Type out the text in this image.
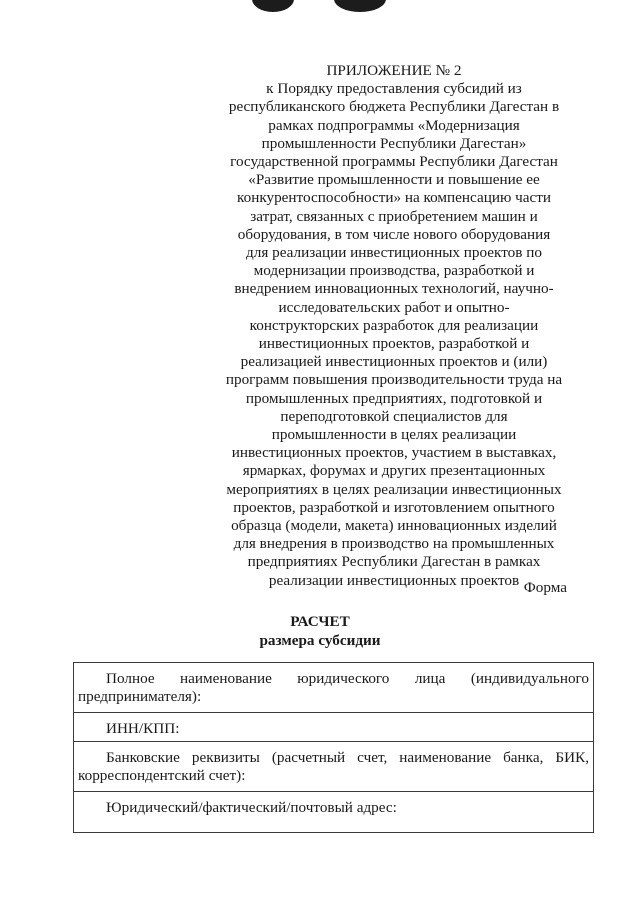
ПРИЛОЖЕНИЕ № 2
к Порядку предоставления субсидий из
республиканского бюджета Республики Дагестан в
рамках подпрограммы «Модернизация
промышленности Республики Дагестан»
государственной программы Республики Дагестан
«Развитие промышленности и повышение ее
конкурентоспособности» на компенсацию части
затрат, связанных с приобретением машин и
оборудования, в том числе нового оборудования
для реализации инвестиционных проектов по
модернизации производства, разработкой и
внедрением инновационных технологий, научно-
исследовательских работ и опытно-
конструкторских разработок для реализации
инвестиционных проектов, разработкой и
реализацией инвестиционных проектов и (или)
программ повышения производительности труда на
промышленных предприятиях, подготовкой и
переподготовкой специалистов для
промышленности в целях реализации
инвестиционных проектов, участием в выставках,
ярмарках, форумах и других презентационных
мероприятиях в целях реализации инвестиционных
проектов, разработкой и изготовлением опытного
образца (модели, макета) инновационных изделий
для внедрения в производство на промышленных
предприятиях Республики Дагестан в рамках
реализации инвестиционных проектов Форма
РАСЧЕТ
размера субсидии
Полное наименование юридического лица (индивидуального предпринимателя):
ИНН/КПП:
Банковские реквизиты (расчетный счет, наименование банка, БИК, корреспондентский счет):
Юридический/фактический/почтовый адрес:
